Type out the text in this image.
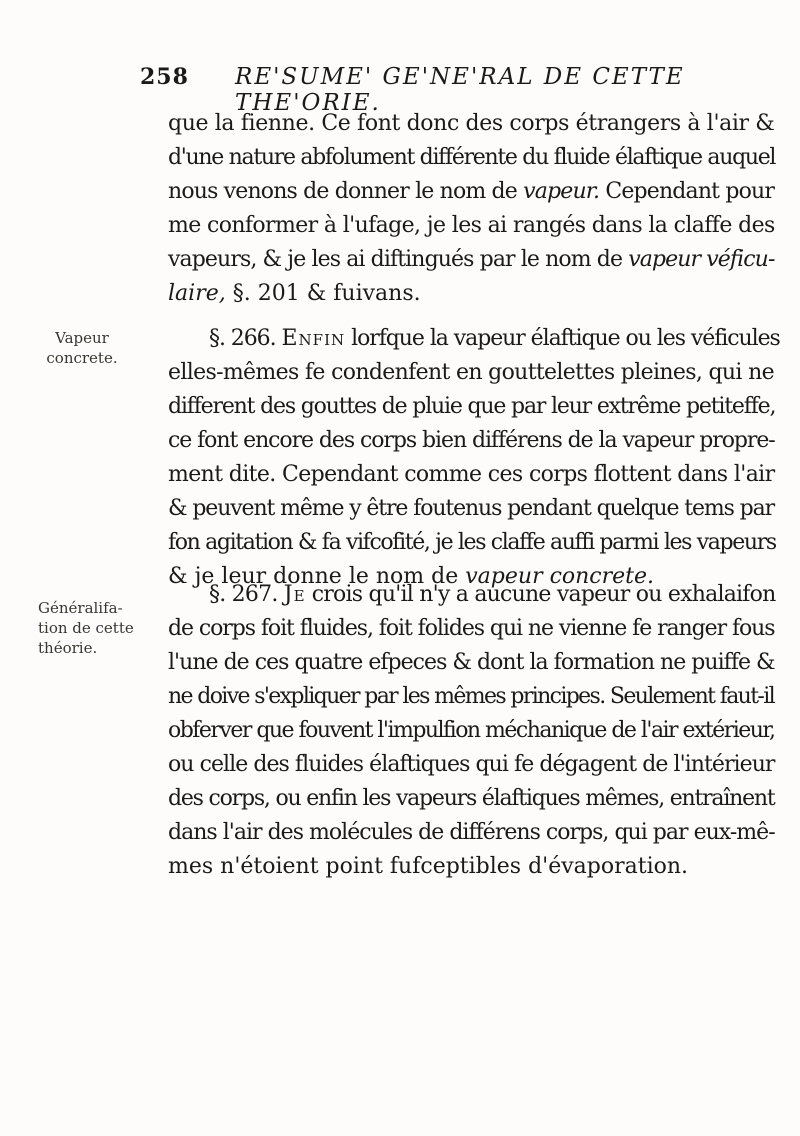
258 RE'SUME' GE'NE'RAL DE CETTE THE'ORIE.

que la fienne. Ce font donc des corps étrangers à l'air &
d'une nature abfolument différente du fluide élaftique auquel
nous venons de donner le nom de vapeur. Cependant pour
me conformer à l'ufage, je les ai rangés dans la claffe des
vapeurs, & je les ai diftingués par le nom de vapeur véficu-
laire, §. 201 & fuivans.

Vapeur
concrete.

§. 266. Enfin lorfque la vapeur élaftique ou les véficules
elles-mêmes fe condenfent en gouttelettes pleines, qui ne
different des gouttes de pluie que par leur extrême petiteffe,
ce font encore des corps bien différens de la vapeur propre-
ment dite. Cependant comme ces corps flottent dans l'air
& peuvent même y être foutenus pendant quelque tems par
fon agitation & fa vifcofité, je les claffe auffi parmi les vapeurs
& je leur donne le nom de vapeur concrete.

Généralifa-
tion de cette
théorie.

§. 267. Je crois qu'il n'y a aucune vapeur ou exhalaifon
de corps foit fluides, foit folides qui ne vienne fe ranger fous
l'une de ces quatre efpeces & dont la formation ne puiffe &
ne doive s'expliquer par les mêmes principes. Seulement faut-il
obferver que fouvent l'impulfion méchanique de l'air extérieur,
ou celle des fluides élaftiques qui fe dégagent de l'intérieur
des corps, ou enfin les vapeurs élaftiques mêmes, entraînent
dans l'air des molécules de différens corps, qui par eux-mê-
mes n'étoient point fufceptibles d'évaporation.
